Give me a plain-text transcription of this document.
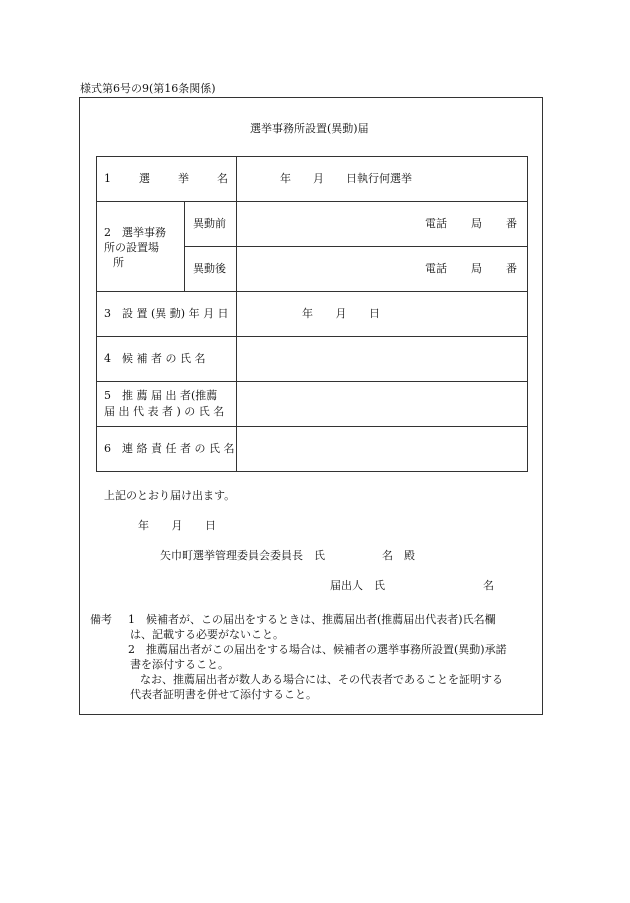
様式第6号の9(第16条関係)
選挙事務所設置(異動)届
1	選	挙	名	年　　月　　日執行何選挙
2　選挙事務
所の設置場
所
異動前	電話 局 番
異動後	電話 局 番
3　設 置 (異 動) 年 月 日	年 月 日
4　候 補 者 の 氏 名
5　推 薦 届 出 者(推薦
届 出 代 表 者 ) の 氏 名
6　連 絡 責 任 者 の 氏 名
上記のとおり届け出ます。
年 月 日
矢巾町選挙管理委員会委員長　氏	名　殿
届出人　氏	名
備考 1　候補者が、この届出をするときは、推薦届出者(推薦届出代表者)氏名欄
は、記載する必要がないこと。
2　推薦届出者がこの届出をする場合は、候補者の選挙事務所設置(異動)承諾
書を添付すること。
なお、推薦届出者が数人ある場合には、その代表者であることを証明する
代表者証明書を併せて添付すること。
